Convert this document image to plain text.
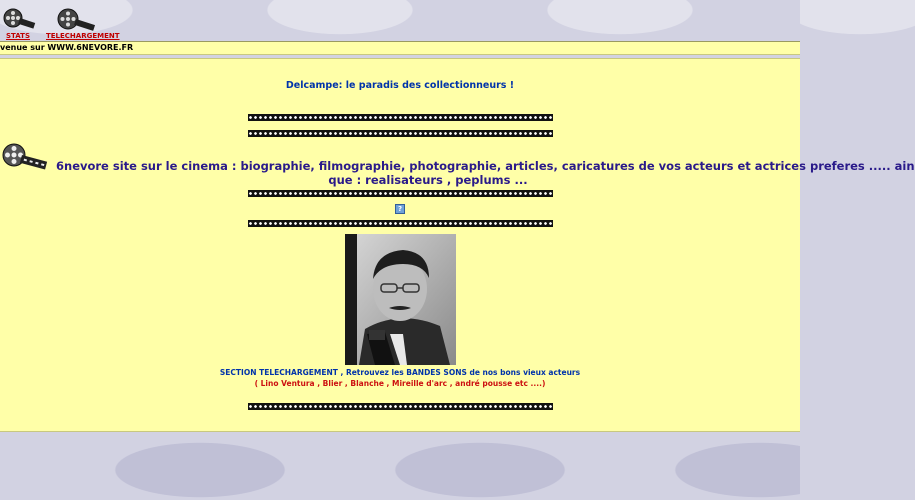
STATS	TELECHARGEMENT
venue sur WWW.6NEVORE.FR
Delcampe: le paradis des collectionneurs !
6nevore site sur le cinema : biographie, filmographie, photographie, articles, caricatures de vos acteurs et actrices preferes ..... ain
que : realisateurs , peplums ...
?
SECTION TELECHARGEMENT , Retrouvez les BANDES SONS de nos bons vieux acteurs
( Lino Ventura , Blier , Blanche , Mireille d'arc , andré pousse etc ....)
